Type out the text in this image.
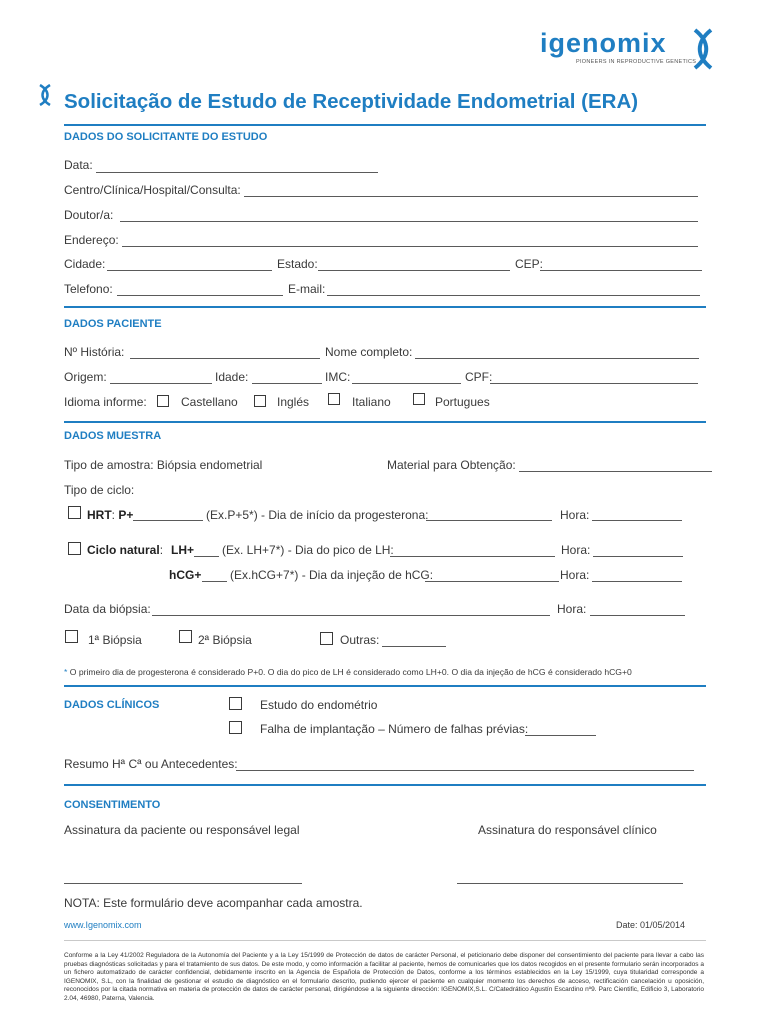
igenomix
PIONEERS IN REPRODUCTIVE GENETICS
Solicitação de Estudo de Receptividade Endometrial (ERA)
DADOS DO SOLICITANTE DO ESTUDO
Data:
Centro/Clínica/Hospital/Consulta:
Doutor/a:
Endereço:
Cidade:	Estado:	CEP:
Telefono:	E-mail:
DADOS PACIENTE
Nº História:	Nome completo:
Origem:	Idade:	IMC:	CPF:
Idioma informe:	Castellano	Inglés	Italiano	Portugues
DADOS MUESTRA
Tipo de amostra: Biópsia endometrial	Material para Obtenção:
Tipo de ciclo:
HRT: P+	(Ex.P+5*) - Dia de início da progesterona:	Hora:
Ciclo natural: LH+ (Ex. LH+7*) - Dia do pico de LH:	Hora:
hCG+ (Ex.hCG+7*) - Dia da injeção de hCG:	Hora:
Data da biópsia:	Hora:
1ª Biópsia	2ª Biópsia	Outras:
* O primeiro dia de progesterona é considerado P+0. O dia do pico de LH é considerado como LH+0. O dia da injeção de hCG é considerado hCG+0
DADOS CLÍNICOS	Estudo do endométrio
Falha de implantação – Número de falhas prévias:
Resumo Hª Cª ou Antecedentes:
CONSENTIMENTO
Assinatura da paciente ou responsável legal	Assinatura do responsável clínico
NOTA: Este formulário deve acompanhar cada amostra.
www.Igenomix.com	Date: 01/05/2014
Conforme a la Ley 41/2002 Reguladora de la Autonomía del Paciente y a la Ley 15/1999 de Protección de datos de carácter Personal, el peticionario debe disponer del consentimiento del paciente para llevar a cabo las pruebas diagnósticas solicitadas y para el tratamiento de sus datos. De este modo, y como información a facilitar al paciente, hemos de comunicarles que los datos recogidos en el presente formulario serán incorporados a un fichero automatizado de carácter confidencial, debidamente inscrito en la Agencia de Española de Protección de Datos, conforme a los términos establecidos en la Ley 15/1999, cuya titularidad corresponde a IGENOMIX, S.L, con la finalidad de gestionar el estudio de diagnóstico en el formulario descrito, pudiendo ejercer el paciente en cualquier momento los derechos de acceso, rectificación cancelación u oposición, reconocidos por la citada normativa en materia de protección de datos de carácter personal, dirigiéndose a la siguiente dirección: IGENOMIX,S.L. C/Catedrático Agustín Escardino nº9. Parc Cientific, Edificio 3, Laboratorio 2.04, 46980, Paterna, Valencia.
